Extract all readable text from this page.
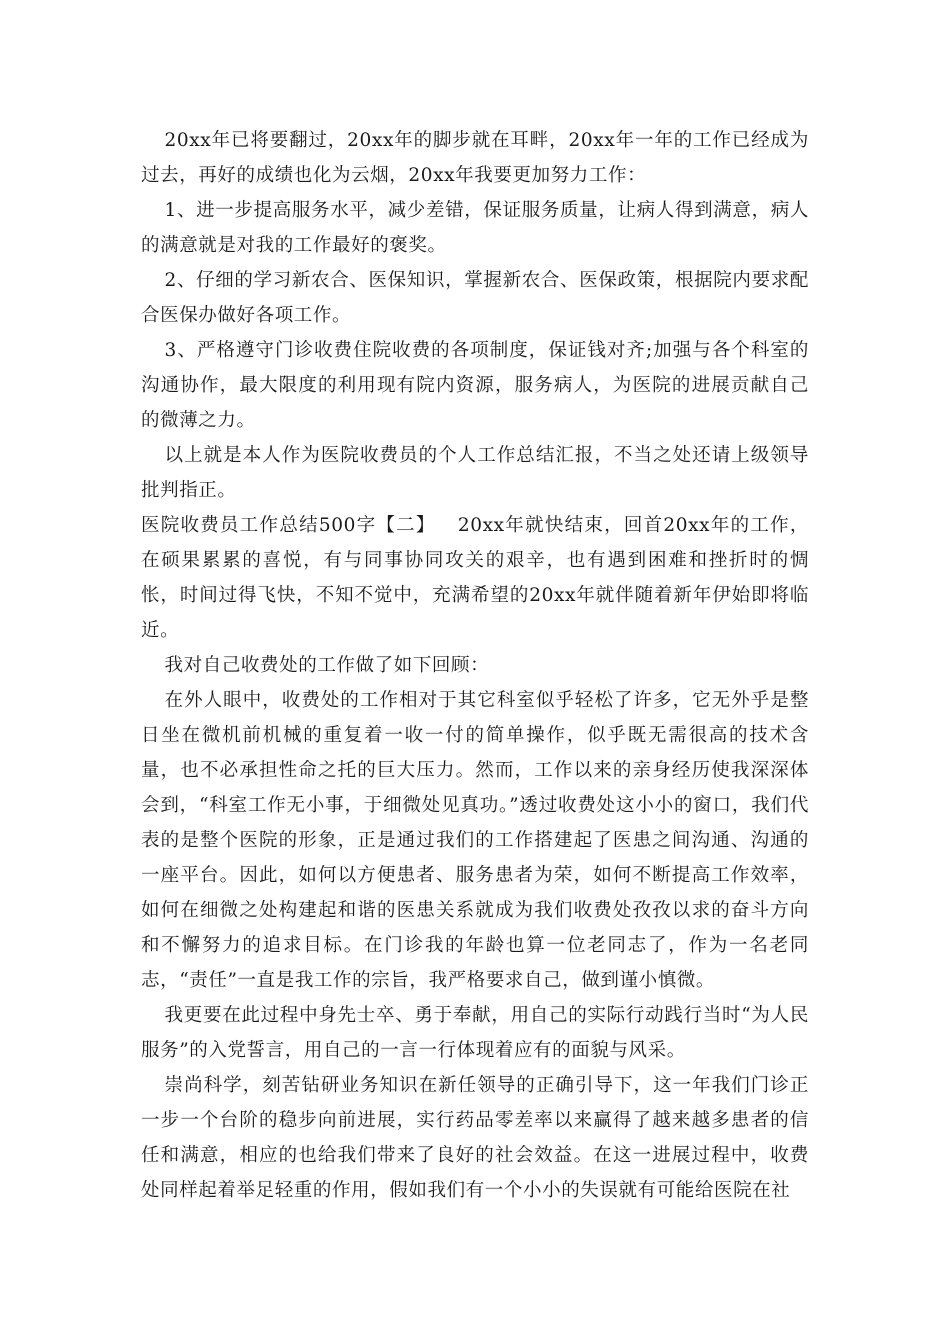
20xx年已将要翻过，20xx年的脚步就在耳畔，20xx年一年的工作已经成为过去，再好的成绩也化为云烟，20xx年我要更加努力工作：

1、进一步提高服务水平，减少差错，保证服务质量，让病人得到满意，病人的满意就是对我的工作最好的褒奖。

2、仔细的学习新农合、医保知识，掌握新农合、医保政策，根据院内要求配合医保办做好各项工作。

3、严格遵守门诊收费住院收费的各项制度，保证钱对齐;加强与各个科室的沟通协作，最大限度的利用现有院内资源，服务病人，为医院的进展贡献自己的微薄之力。

以上就是本人作为医院收费员的个人工作总结汇报，不当之处还请上级领导批判指正。

医院收费员工作总结500字【二】 20xx年就快结束，回首20xx年的工作，在硕果累累的喜悦，有与同事协同攻关的艰辛，也有遇到困难和挫折时的惆怅，时间过得飞快，不知不觉中，充满希望的20xx年就伴随着新年伊始即将临近。

我对自己收费处的工作做了如下回顾：

在外人眼中，收费处的工作相对于其它科室似乎轻松了许多，它无外乎是整日坐在微机前机械的重复着一收一付的简单操作，似乎既无需很高的技术含量，也不必承担性命之托的巨大压力。然而，工作以来的亲身经历使我深深体会到，“科室工作无小事，于细微处见真功。”透过收费处这小小的窗口，我们代表的是整个医院的形象，正是通过我们的工作搭建起了医患之间沟通、沟通的一座平台。因此，如何以方便患者、服务患者为荣，如何不断提高工作效率，如何在细微之处构建起和谐的医患关系就成为我们收费处孜孜以求的奋斗方向和不懈努力的追求目标。在门诊我的年龄也算一位老同志了，作为一名老同志，“责任”一直是我工作的宗旨，我严格要求自己，做到谨小慎微。

我更要在此过程中身先士卒、勇于奉献，用自己的实际行动践行当时“为人民服务”的入党誓言，用自己的一言一行体现着应有的面貌与风采。

崇尚科学，刻苦钻研业务知识在新任领导的正确引导下，这一年我们门诊正一步一个台阶的稳步向前进展，实行药品零差率以来赢得了越来越多患者的信任和满意，相应的也给我们带来了良好的社会效益。在这一进展过程中，收费处同样起着举足轻重的作用，假如我们有一个小小的失误就有可能给医院在社
